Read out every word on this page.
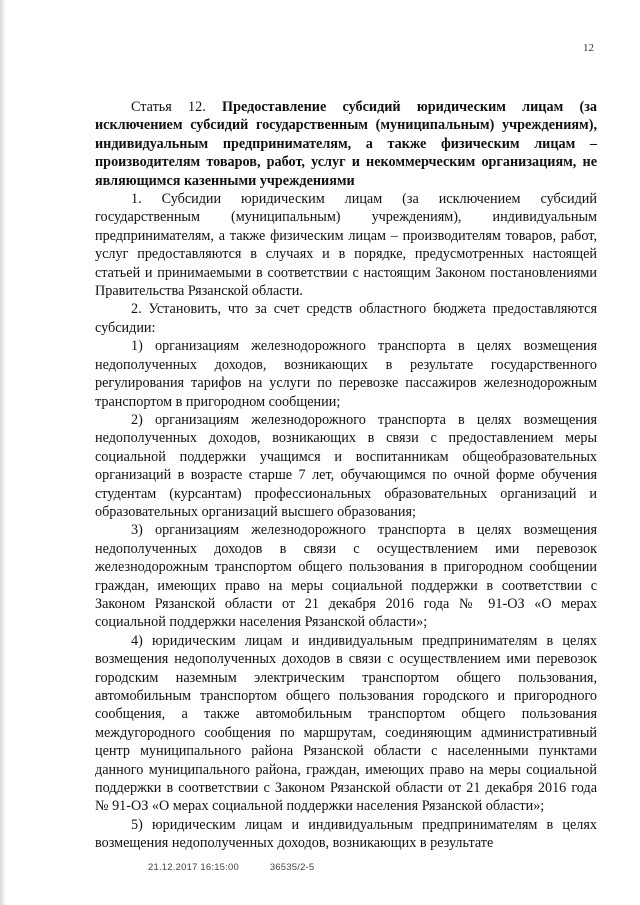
12

Статья 12. Предоставление субсидий юридическим лицам (за исключением субсидий государственным (муниципальным) учреждениям), индивидуальным предпринимателям, а также физическим лицам – производителям товаров, работ, услуг и некоммерческим организациям, не являющимся казенными учреждениями

1. Субсидии юридическим лицам (за исключением субсидий государственным (муниципальным) учреждениям), индивидуальным предпринимателям, а также физическим лицам – производителям товаров, работ, услуг предоставляются в случаях и в порядке, предусмотренных настоящей статьей и принимаемыми в соответствии с настоящим Законом постановлениями Правительства Рязанской области.

2. Установить, что за счет средств областного бюджета предоставляются субсидии:

1) организациям железнодорожного транспорта в целях возмещения недополученных доходов, возникающих в результате государственного регулирования тарифов на услуги по перевозке пассажиров железнодорожным транспортом в пригородном сообщении;

2) организациям железнодорожного транспорта в целях возмещения недополученных доходов, возникающих в связи с предоставлением меры социальной поддержки учащимся и воспитанникам общеобразовательных организаций в возрасте старше 7 лет, обучающимся по очной форме обучения студентам (курсантам) профессиональных образовательных организаций и образовательных организаций высшего образования;

3) организациям железнодорожного транспорта в целях возмещения недополученных доходов в связи с осуществлением ими перевозок железнодорожным транспортом общего пользования в пригородном сообщении граждан, имеющих право на меры социальной поддержки в соответствии с Законом Рязанской области от 21 декабря 2016 года № 91-ОЗ «О мерах социальной поддержки населения Рязанской области»;

4) юридическим лицам и индивидуальным предпринимателям в целях возмещения недополученных доходов в связи с осуществлением ими перевозок городским наземным электрическим транспортом общего пользования, автомобильным транспортом общего пользования городского и пригородного сообщения, а также автомобильным транспортом общего пользования междугородного сообщения по маршрутам, соединяющим административный центр муниципального района Рязанской области с населенными пунктами данного муниципального района, граждан, имеющих право на меры социальной поддержки в соответствии с Законом Рязанской области от 21 декабря 2016 года № 91-ОЗ «О мерах социальной поддержки населения Рязанской области»;

5) юридическим лицам и индивидуальным предпринимателям в целях возмещения недополученных доходов, возникающих в результате

21.12.2017 16:15:00	36535/2-5
